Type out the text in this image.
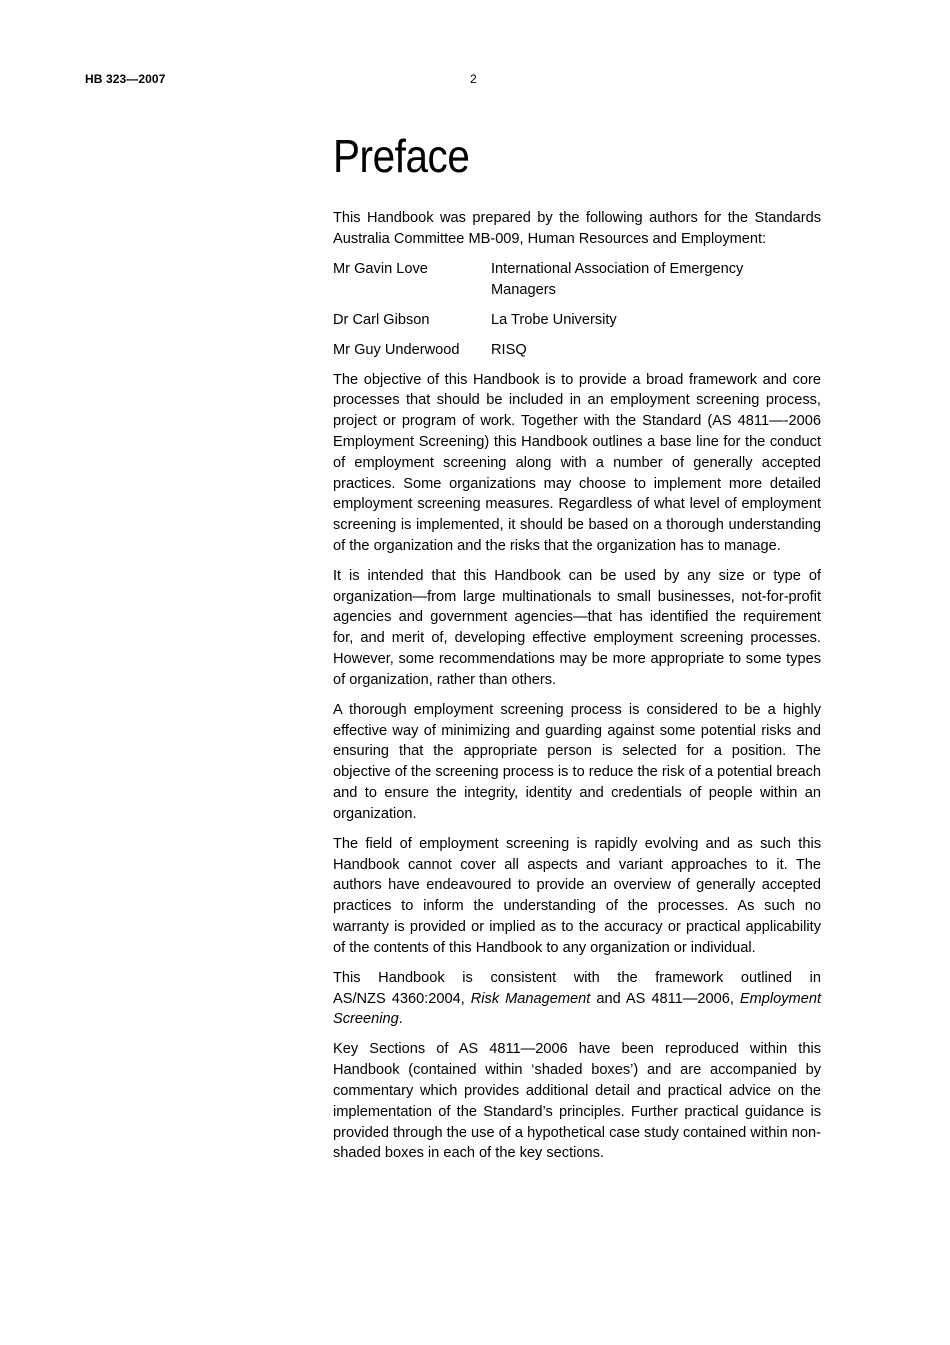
HB 323—2007	2
Preface

This Handbook was prepared by the following authors for the Standards Australia Committee MB-009, Human Resources and Employment:

Mr Gavin Love	International Association of Emergency Managers
Dr Carl Gibson	La Trobe University
Mr Guy Underwood	RISQ

The objective of this Handbook is to provide a broad framework and core processes that should be included in an employment screening process, project or program of work. Together with the Standard (AS 4811—-2006 Employment Screening) this Handbook outlines a base line for the conduct of employment screening along with a number of generally accepted practices. Some organizations may choose to implement more detailed employment screening measures. Regardless of what level of employment screening is implemented, it should be based on a thorough understanding of the organization and the risks that the organization has to manage.

It is intended that this Handbook can be used by any size or type of organization—from large multinationals to small businesses, not-for-profit agencies and government agencies—that has identified the requirement for, and merit of, developing effective employment screening processes. However, some recommendations may be more appropriate to some types of organization, rather than others.

A thorough employment screening process is considered to be a highly effective way of minimizing and guarding against some potential risks and ensuring that the appropriate person is selected for a position. The objective of the screening process is to reduce the risk of a potential breach and to ensure the integrity, identity and credentials of people within an organization.

The field of employment screening is rapidly evolving and as such this Handbook cannot cover all aspects and variant approaches to it. The authors have endeavoured to provide an overview of generally accepted practices to inform the understanding of the processes. As such no warranty is provided or implied as to the accuracy or practical applicability of the contents of this Handbook to any organization or individual.

This Handbook is consistent with the framework outlined in AS/NZS 4360:2004, Risk Management and AS 4811—2006, Employment Screening.

Key Sections of AS 4811—2006 have been reproduced within this Handbook (contained within ‘shaded boxes’) and are accompanied by commentary which provides additional detail and practical advice on the implementation of the Standard’s principles. Further practical guidance is provided through the use of a hypothetical case study contained within non-shaded boxes in each of the key sections.
